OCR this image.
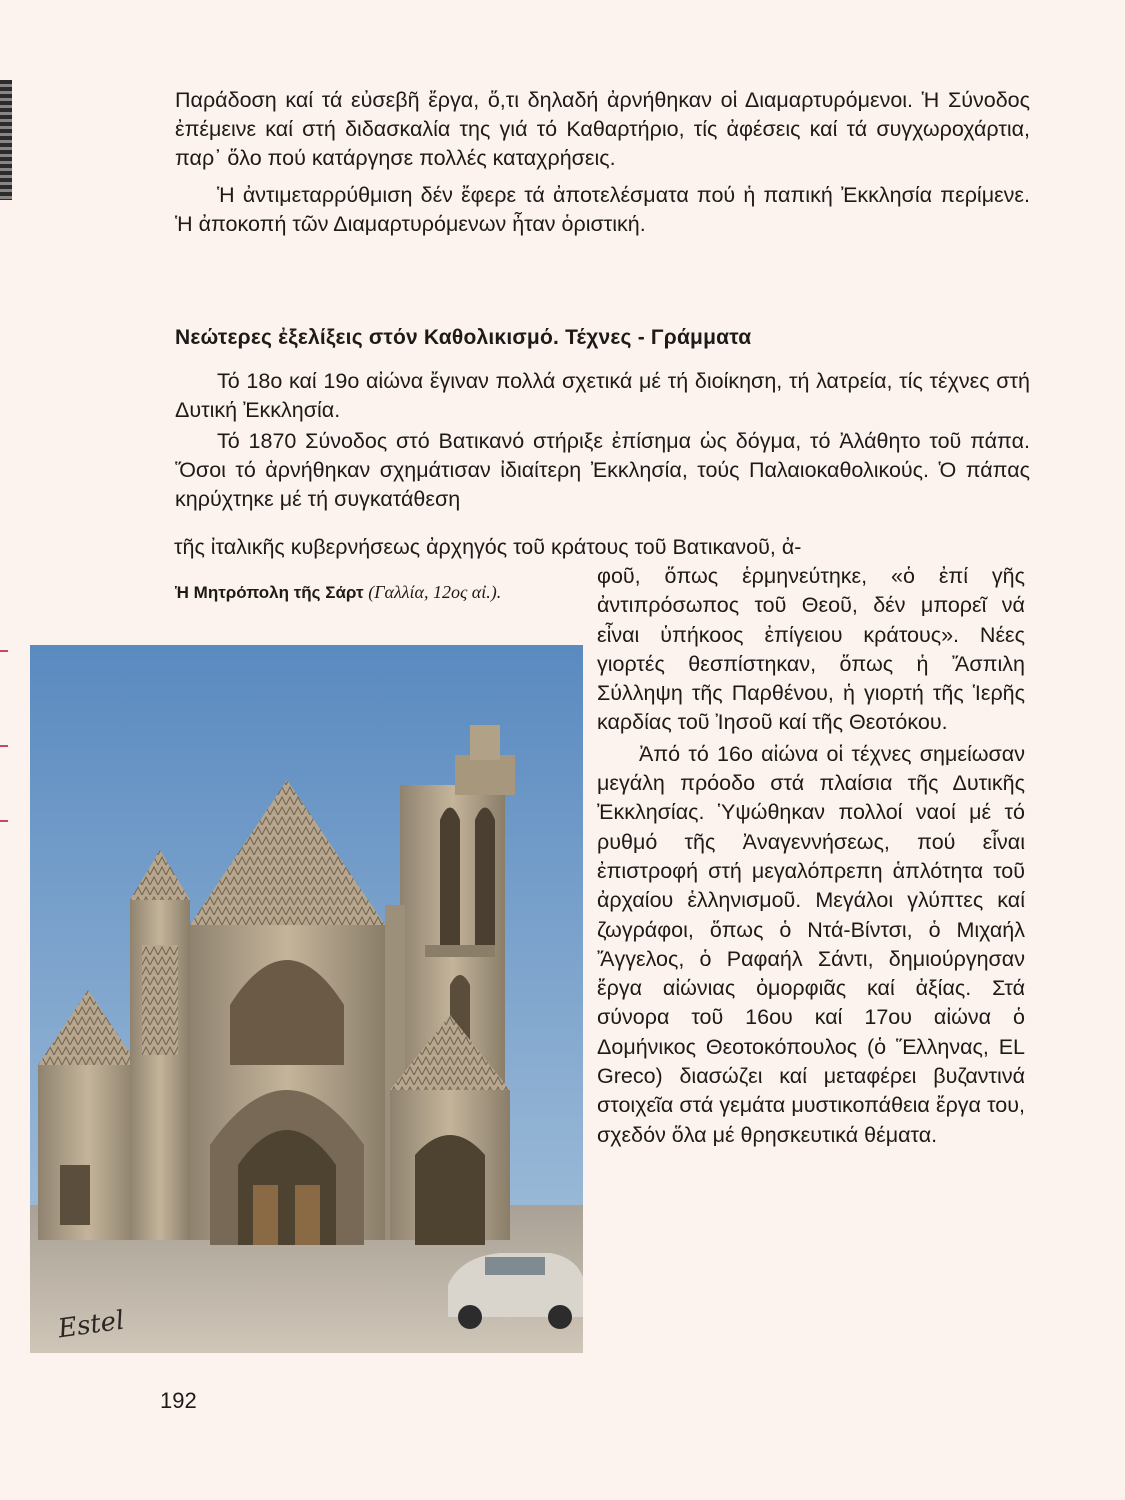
Παράδοση καί τά εὐσεβῆ ἔργα, ὅ,τι δηλαδή ἀρνήθηκαν οἱ Διαμαρτυρόμενοι. Ἡ Σύνοδος ἐπέμεινε καί στή διδασκαλία της γιά τό Καθαρτήριο, τίς ἀφέσεις καί τά συγχωροχάρτια, παρ᾽ ὅλο πού κατάργησε πολλές καταχρήσεις.

Ἡ ἀντιμεταρρύθμιση δέν ἔφερε τά ἀποτελέσματα πού ἡ παπική Ἐκκλησία περίμενε. Ἡ ἀποκοπή τῶν Διαμαρτυρόμενων ἦταν ὁριστική.

Νεώτερες ἐξελίξεις στόν Καθολικισμό. Τέχνες - Γράμματα

Τό 18ο καί 19ο αἰώνα ἔγιναν πολλά σχετικά μέ τή διοίκηση, τή λατρεία, τίς τέχνες στή Δυτική Ἐκκλησία.

Τό 1870 Σύνοδος στό Βατικανό στήριξε ἐπίσημα ὡς δόγμα, τό Ἀλάθητο τοῦ πάπα. Ὅσοι τό ἀρνήθηκαν σχημάτισαν ἰδιαίτερη Ἐκκλησία, τούς Παλαιοκαθολικούς. Ὁ πάπας κηρύχτηκε μέ τή συγκατάθεση

τῆς ἰταλικῆς κυβερνήσεως ἀρχηγός τοῦ κράτους τοῦ Βατικανοῦ, ἀ-

Ἡ Μητρόπολη τῆς Σάρτ (Γαλλία, 12ος αἰ.).
Estel

φοῦ, ὅπως ἑρμηνεύτηκε, «ὁ ἐπί γῆς ἀντιπρόσωπος τοῦ Θεοῦ, δέν μπορεῖ νά εἶναι ὑπήκοος ἐπίγειου κράτους». Νέες γιορτές θεσπίστηκαν, ὅπως ἡ Ἄσπιλη Σύλληψη τῆς Παρθένου, ἡ γιορτή τῆς Ἱερῆς καρδίας τοῦ Ἰησοῦ καί τῆς Θεοτόκου.

Ἀπό τό 16ο αἰώνα οἱ τέχνες σημείωσαν μεγάλη πρόοδο στά πλαίσια τῆς Δυτικῆς Ἐκκλησίας. Ὑψώθηκαν πολλοί ναοί μέ τό ρυθμό τῆς Ἀναγεννήσεως, πού εἶναι ἐπιστροφή στή μεγαλόπρεπη ἁπλότητα τοῦ ἀρχαίου ἑλληνισμοῦ. Μεγάλοι γλύπτες καί ζωγράφοι, ὅπως ὁ Ντά-Βίντσι, ὁ Μιχαήλ Ἄγγελος, ὁ Ραφαήλ Σάντι, δημιούργησαν ἔργα αἰώνιας ὀμορφιᾶς καί ἀξίας. Στά σύνορα τοῦ 16ου καί 17ου αἰώνα ὁ Δομήνικος Θεοτοκόπουλος (ὁ Ἕλληνας, EL Greco) διασώζει καί μεταφέρει βυζαντινά στοιχεῖα στά γεμάτα μυστικοπάθεια ἔργα του, σχεδόν ὅλα μέ θρησκευτικά θέματα.

192
